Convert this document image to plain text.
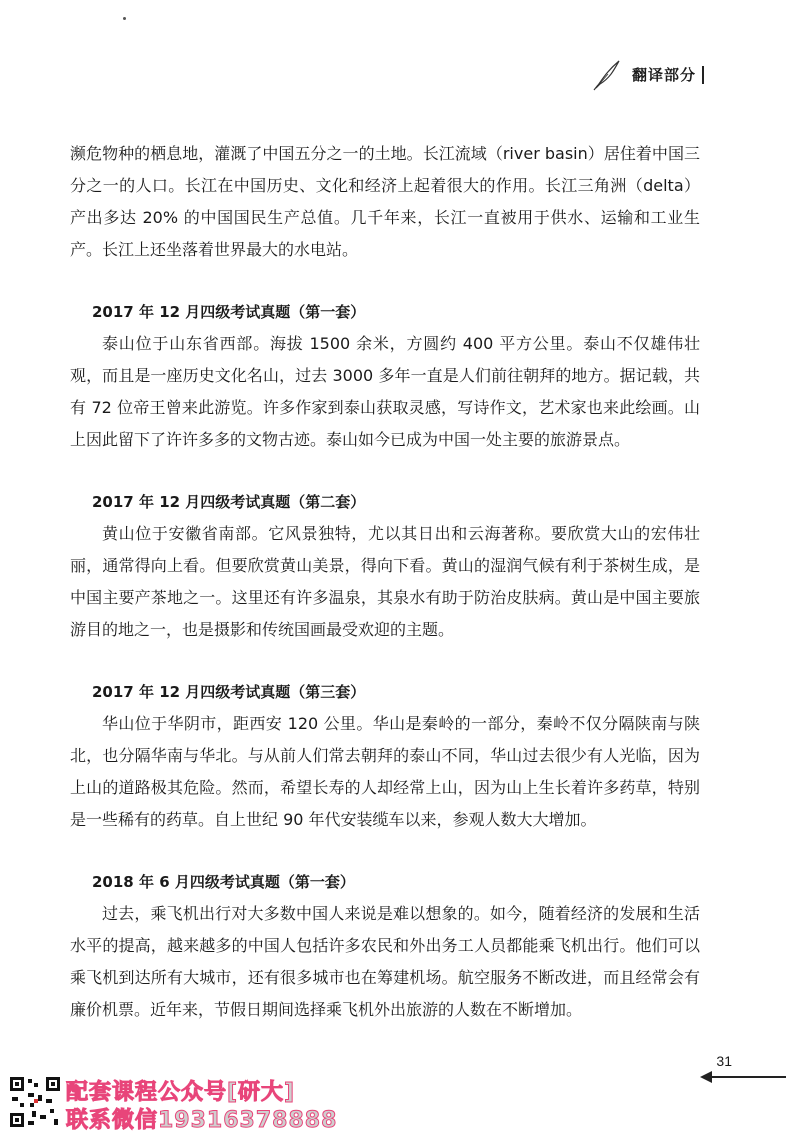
翻译部分

濒危物种的栖息地，灌溉了中国五分之一的土地。长江流域（river basin）居住着中国三分之一的人口。长江在中国历史、文化和经济上起着很大的作用。长江三角洲（delta）产出多达 20% 的中国国民生产总值。几千年来，长江一直被用于供水、运输和工业生产。长江上还坐落着世界最大的水电站。

2017 年 12 月四级考试真题（第一套）

泰山位于山东省西部。海拔 1500 余米，方圆约 400 平方公里。泰山不仅雄伟壮观，而且是一座历史文化名山，过去 3000 多年一直是人们前往朝拜的地方。据记载，共有 72 位帝王曾来此游览。许多作家到泰山获取灵感，写诗作文，艺术家也来此绘画。山上因此留下了许许多多的文物古迹。泰山如今已成为中国一处主要的旅游景点。

2017 年 12 月四级考试真题（第二套）

黄山位于安徽省南部。它风景独特，尤以其日出和云海著称。要欣赏大山的宏伟壮丽，通常得向上看。但要欣赏黄山美景，得向下看。黄山的湿润气候有利于茶树生成，是中国主要产茶地之一。这里还有许多温泉，其泉水有助于防治皮肤病。黄山是中国主要旅游目的地之一，也是摄影和传统国画最受欢迎的主题。

2017 年 12 月四级考试真题（第三套）

华山位于华阴市，距西安 120 公里。华山是秦岭的一部分，秦岭不仅分隔陕南与陕北，也分隔华南与华北。与从前人们常去朝拜的泰山不同，华山过去很少有人光临，因为上山的道路极其危险。然而，希望长寿的人却经常上山，因为山上生长着许多药草，特别是一些稀有的药草。自上世纪 90 年代安装缆车以来，参观人数大大增加。

2018 年 6 月四级考试真题（第一套）

过去，乘飞机出行对大多数中国人来说是难以想象的。如今，随着经济的发展和生活水平的提高，越来越多的中国人包括许多农民和外出务工人员都能乘飞机出行。他们可以乘飞机到达所有大城市，还有很多城市也在筹建机场。航空服务不断改进，而且经常会有廉价机票。近年来，节假日期间选择乘飞机外出旅游的人数在不断增加。

31
配套课程公众号[研大]
联系微信19316378888
